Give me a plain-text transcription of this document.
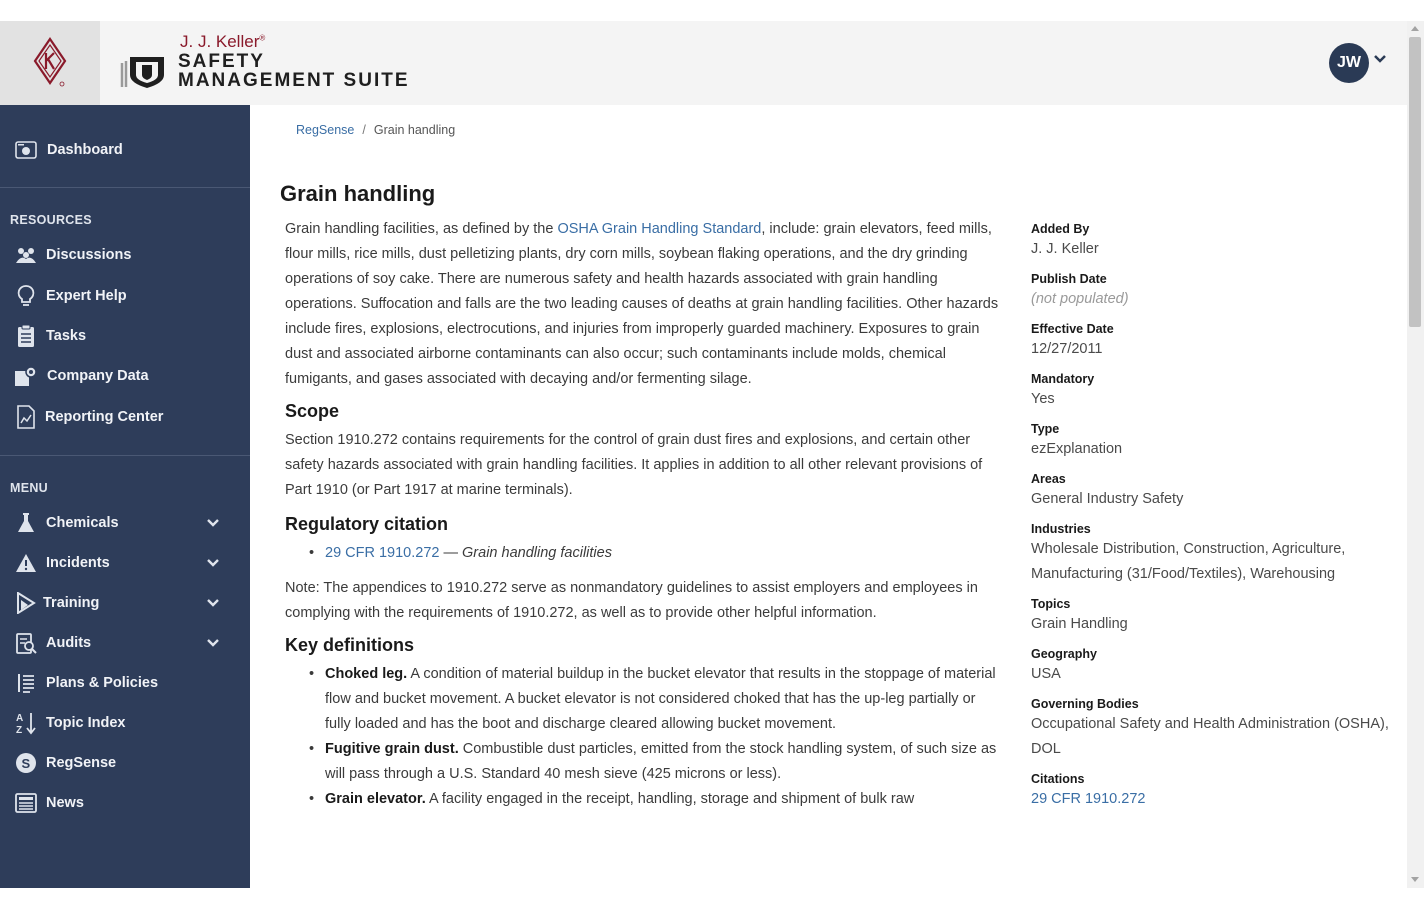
J. J. Keller®
SAFETY
MANAGEMENT SUITE
JW
Dashboard
RESOURCES
Discussions
Expert Help
Tasks
Company Data
Reporting Center
MENU
Chemicals
Incidents
Training
Audits
Plans & Policies
A
Z Topic Index
S RegSense
News
RegSense / Grain handling
Grain handling

Grain handling facilities, as defined by the OSHA Grain Handling Standard, include: grain elevators, feed mills, flour mills, rice mills, dust pelletizing plants, dry corn mills, soybean flaking operations, and the dry grinding operations of soy cake. There are numerous safety and health hazards associated with grain handling operations. Suffocation and falls are the two leading causes of deaths at grain handling facilities. Other hazards include fires, explosions, electrocutions, and injuries from improperly guarded machinery. Exposures to grain dust and associated airborne contaminants can also occur; such contaminants include molds, chemical fumigants, and gases associated with decaying and/or fermenting silage.

Scope

Section 1910.272 contains requirements for the control of grain dust fires and explosions, and certain other safety hazards associated with grain handling facilities. It applies in addition to all other relevant provisions of Part 1910 (or Part 1917 at marine terminals).

Regulatory citation
• 29 CFR 1910.272 — Grain handling facilities

Note: The appendices to 1910.272 serve as nonmandatory guidelines to assist employers and employees in complying with the requirements of 1910.272, as well as to provide other helpful information.

Key definitions
• Choked leg. A condition of material buildup in the bucket elevator that results in the stoppage of material flow and bucket movement. A bucket elevator is not considered choked that has the up-leg partially or fully loaded and has the boot and discharge cleared allowing bucket movement.
• Fugitive grain dust. Combustible dust particles, emitted from the stock handling system, of such size as will pass through a U.S. Standard 40 mesh sieve (425 microns or less).
• Grain elevator. A facility engaged in the receipt, handling, storage and shipment of bulk raw
Added By
J. J. Keller
Publish Date
(not populated)
Effective Date
12/27/2011
Mandatory
Yes
Type
ezExplanation
Areas
General Industry Safety
Industries
Wholesale Distribution, Construction, Agriculture, Manufacturing (31/Food/Textiles), Warehousing
Topics
Grain Handling
Geography
USA
Governing Bodies
Occupational Safety and Health Administration (OSHA), DOL
Citations
29 CFR 1910.272
